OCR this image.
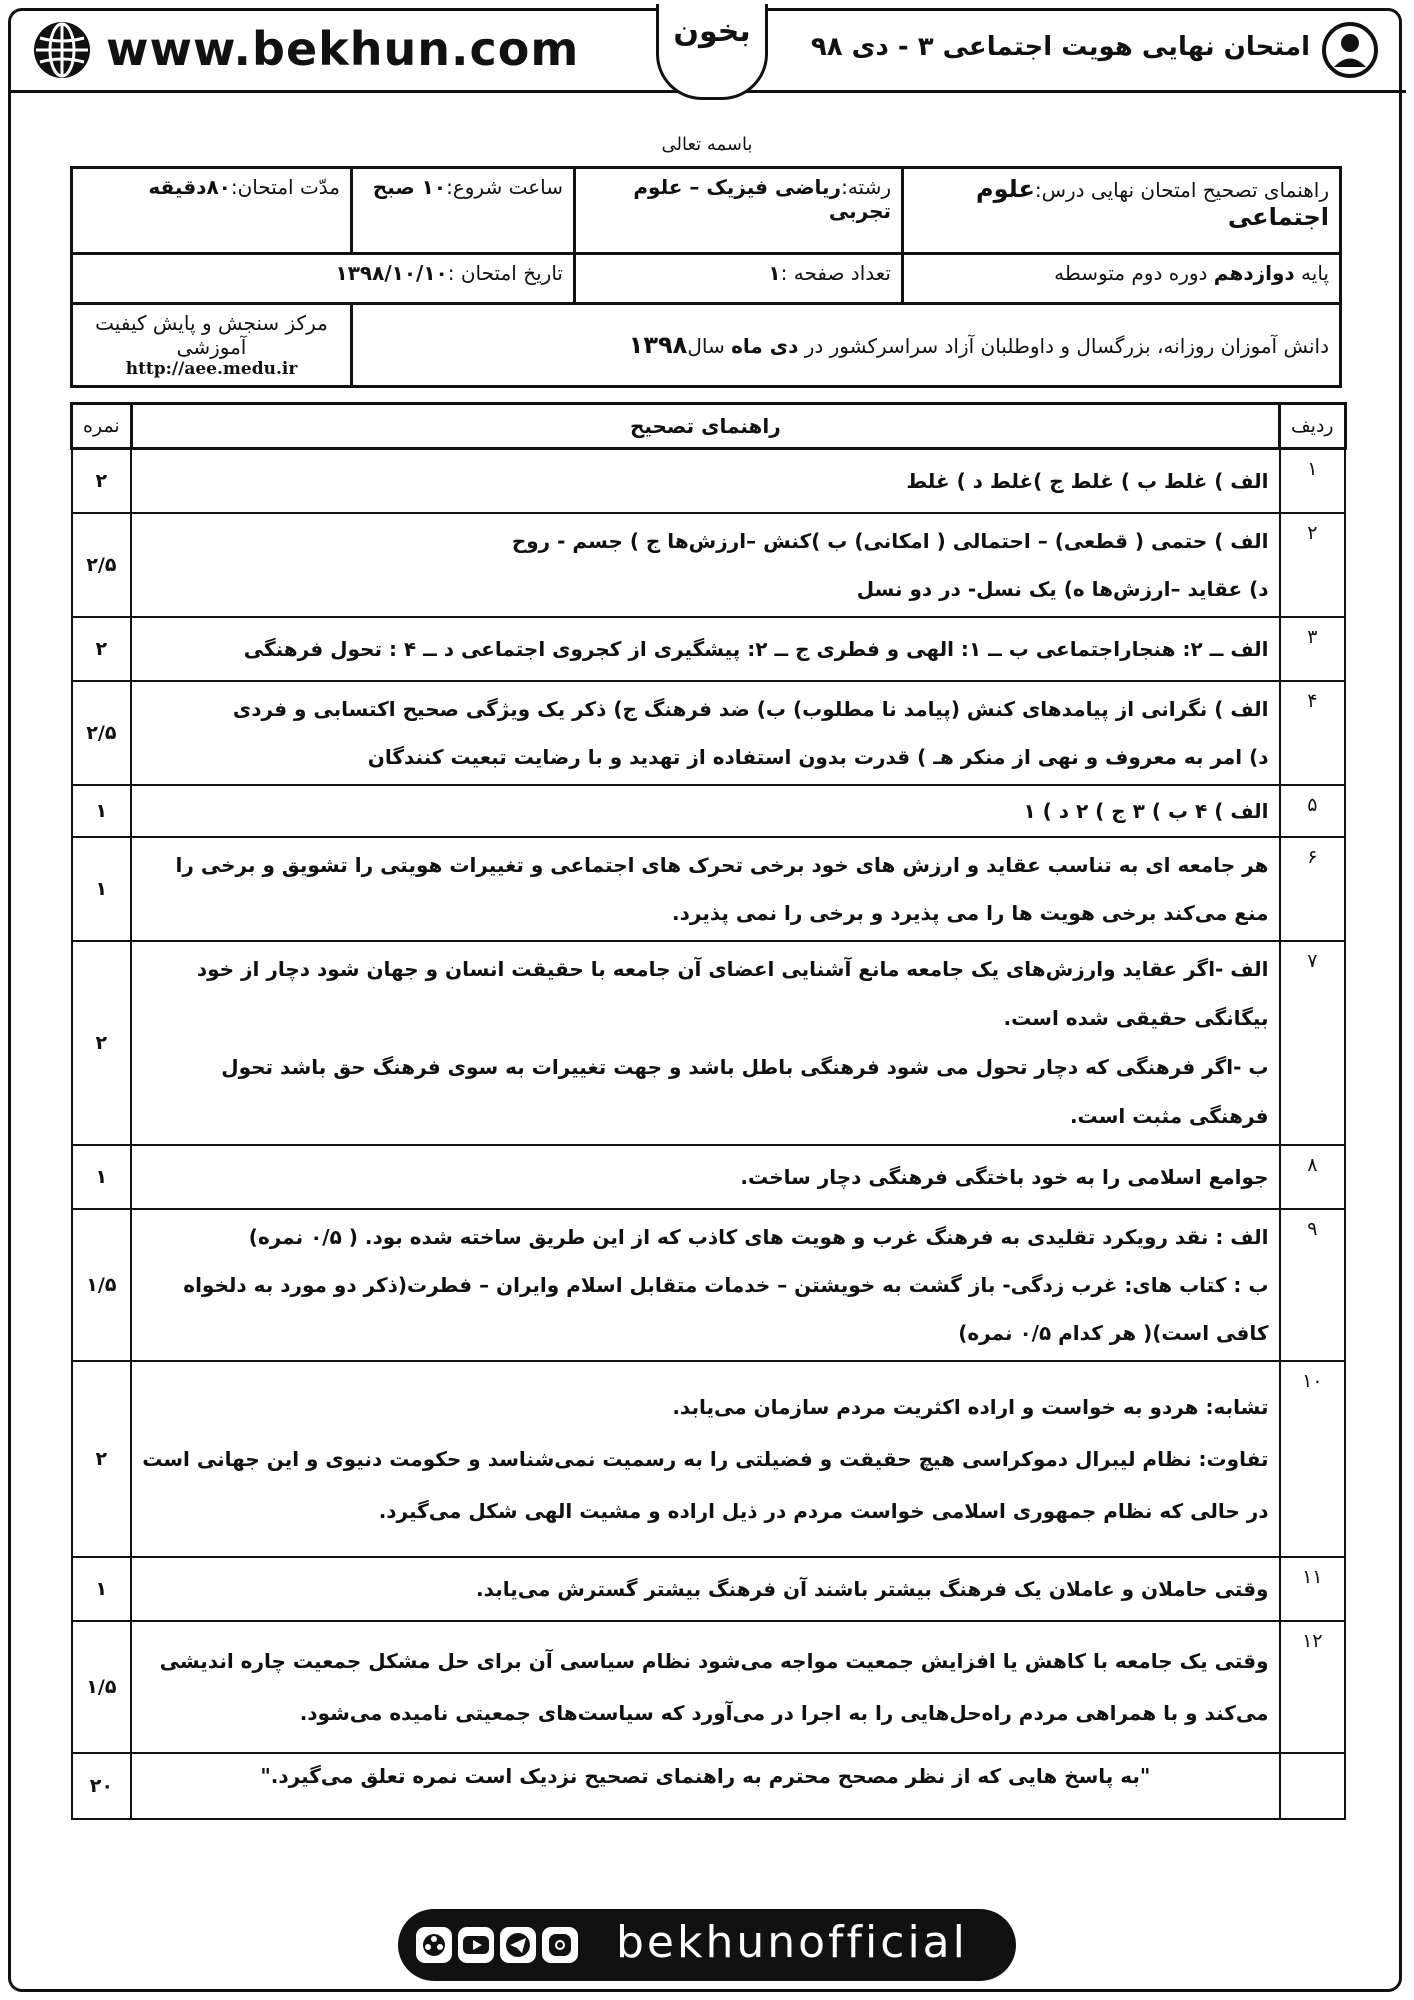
www.bekhun.com	بخون	امتحان نهایی هویت اجتماعی ۳ - دی ۹۸
باسمه تعالی
راهنمای تصحیح امتحان نهایی درس:علوم اجتماعی	رشته:ریاضی فیزیک – علوم تجربی	ساعت شروع:۱۰ صبح	مدّت امتحان:۸۰دقیقه
پایه دوازدهم دوره دوم متوسطه	تعداد صفحه :۱	تاریخ امتحان :۱۳۹۸/۱۰/۱۰	
دانش آموزان روزانه، بزرگسال و داوطلبان آزاد سراسرکشور در دی ماه سال۱۳۹۸			مرکز سنجش و پایش کیفیت آموزشی
http://aee.medu.ir
ردیف	راهنمای تصحیح	نمره
۱	الف ) غلط ب ) غلط ج )غلط د ) غلط	۲
۲	الف ) حتمی ( قطعی) – احتمالی ( امکانی) ب )کنش –ارزش‌ها ج ) جسم - روح
د) عقاید –ارزش‌ها ه) یک نسل- در دو نسل	۲/۵
۳	الف ــ ۲: هنجاراجتماعی ب ــ ۱: الهی و فطری ج ــ ۲: پیشگیری از کجروی اجتماعی د ــ ۴ : تحول فرهنگی	۲
۴	الف ) نگرانی از پیامدهای کنش (پیامد نا مطلوب) ب) ضد فرهنگ ج) ذکر یک ویژگی صحیح اکتسابی و فردی
د) امر به معروف و نهی از منکر هـ ) قدرت بدون استفاده از تهدید و با رضایت تبعیت کنندگان	۲/۵
۵	الف ) ۴ ب ) ۳ ج ) ۲ د ) ۱	۱
۶	هر جامعه ای به تناسب عقاید و ارزش های خود برخی تحرک های اجتماعی و تغییرات هویتی را تشویق و برخی را
منع می‌کند برخی هویت ها را می پذیرد و برخی را نمی پذیرد.	۱
۷	الف -اگر عقاید وارزش‌های یک جامعه مانع آشنایی اعضای آن جامعه با حقیقت انسان و جهان شود دچار از خود
بیگانگی حقیقی شده است.
ب -اگر فرهنگی که دچار تحول می شود فرهنگی باطل باشد و جهت تغییرات به سوی فرهنگ حق باشد تحول
فرهنگی مثبت است.	۲
۸	جوامع اسلامی را به خود باختگی فرهنگی دچار ساخت.	۱
۹	الف : نقد رویکرد تقلیدی به فرهنگ غرب و هویت های کاذب که از این طریق ساخته شده بود. ( ۰/۵ نمره)
ب : کتاب های: غرب زدگی- باز گشت به خویشتن – خدمات متقابل اسلام وایران – فطرت(ذکر دو مورد به دلخواه
کافی است)( هر کدام ۰/۵ نمره)	۱/۵
۱۰	تشابه: هردو به خواست و اراده اکثریت مردم سازمان می‌یابد.
تفاوت: نظام لیبرال دموکراسی هیچ حقیقت و فضیلتی را به رسمیت نمی‌شناسد و حکومت دنیوی و این جهانی است
در حالی که نظام جمهوری اسلامی خواست مردم در ذیل اراده و مشیت الهی شکل می‌گیرد.	۲
۱۱	وقتی حاملان و عاملان یک فرهنگ بیشتر باشند آن فرهنگ بیشتر گسترش می‌یابد.	۱
۱۲	وقتی یک جامعه با کاهش یا افزایش جمعیت مواجه می‌شود نظام سیاسی آن برای حل مشکل جمعیت چاره اندیشی
می‌کند و با همراهی مردم راه‌حل‌هایی را به اجرا در می‌آورد که سیاست‌های جمعیتی نامیده می‌شود.	۱/۵
	"به پاسخ هایی که از نظر مصحح محترم به راهنمای تصحیح نزدیک است نمره تعلق می‌گیرد."	۲۰
bekhunofficial
